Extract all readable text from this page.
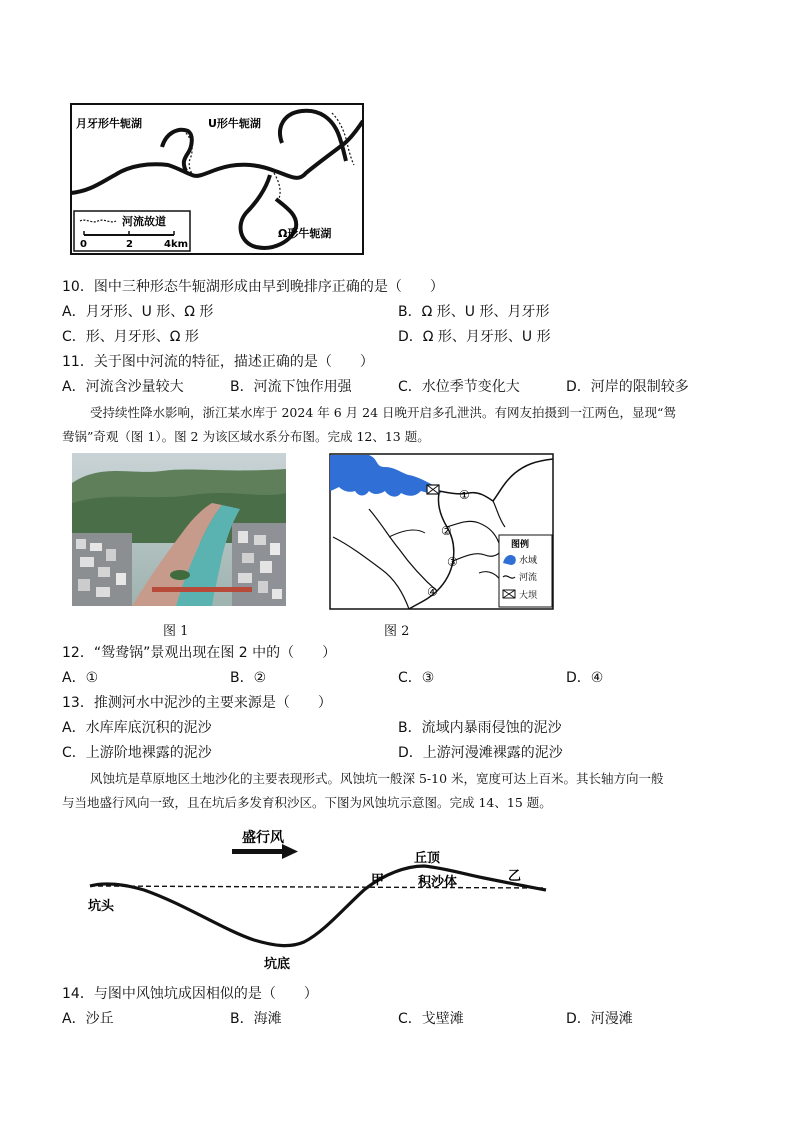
月牙形牛轭湖	U形牛轭湖
Ω形牛轭湖
河流故道
0	2	4km
10．图中三种形态牛轭湖形成由早到晚排序正确的是（　　）
A．月牙形、U 形、Ω 形	B．Ω 形、U 形、月牙形
C．形、月牙形、Ω 形	D．Ω 形、月牙形、U 形
11．关于图中河流的特征，描述正确的是（　　）
A．河流含沙量较大	B．河流下蚀作用强	C．水位季节变化大	D．河岸的限制较多
受持续性降水影响，浙江某水库于 2024 年 6 月 24 日晚开启多孔泄洪。有网友拍摄到一江两色，显现“鸳
鸯锅”奇观（图 1）。图 2 为该区域水系分布图。完成 12、13 题。
①
②
③
④
图例
水域
河流
大坝
图 1	图 2
12．“鸳鸯锅”景观出现在图 2 中的（　　）
A．①	B．②	C．③	D．④
13．推测河水中泥沙的主要来源是（　　）
A．水库库底沉积的泥沙	B．流域内暴雨侵蚀的泥沙
C．上游阶地裸露的泥沙	D．上游河漫滩裸露的泥沙
风蚀坑是草原地区土地沙化的主要表现形式。风蚀坑一般深 5-10 米，宽度可达上百米。其长轴方向一般
与当地盛行风向一致，且在坑后多发育积沙区。下图为风蚀坑示意图。完成 14、15 题。
盛行风
丘顶
甲	乙
积沙体
坑头
坑底
14．与图中风蚀坑成因相似的是（　　）
A．沙丘	B．海滩	C．戈壁滩	D．河漫滩
